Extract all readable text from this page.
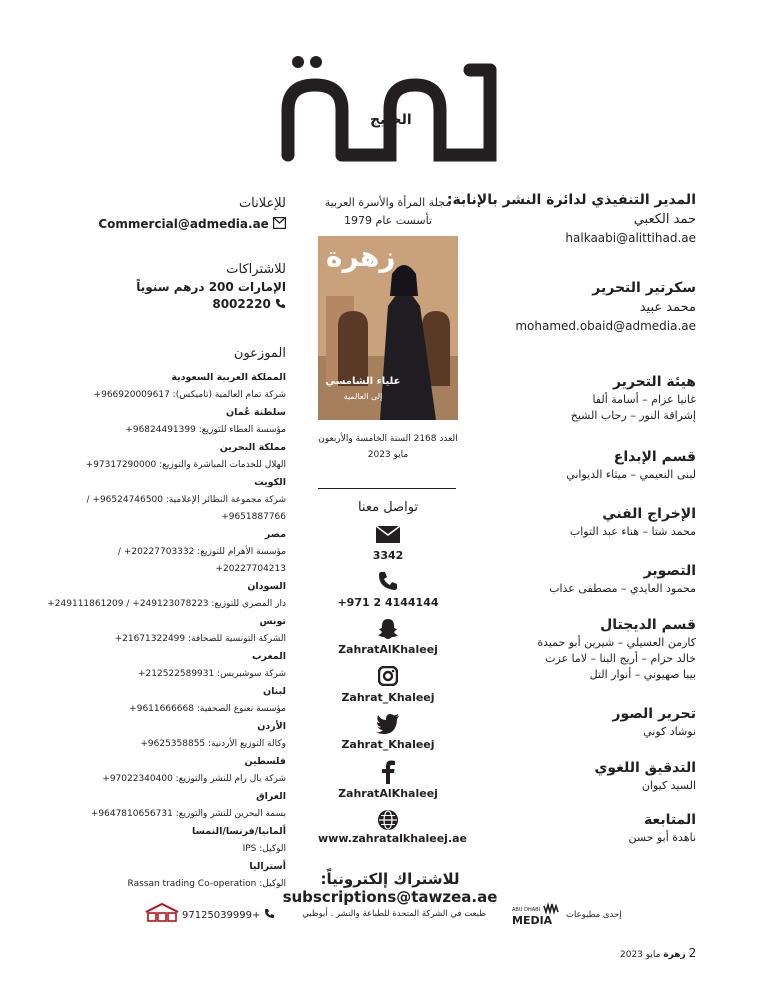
الخليج
المدير التنفيذي لدائرة النشر بالإنابة:
حمد الكعبي
halkaabi@alittihad.ae
سكرتير التحرير
محمد عبيد
mohamed.obaid@admedia.ae
هيئة التحرير
غانيا عزام – أسامة ألفا
إشراقة النور – رحاب الشيخ
قسم الإبداع
لبنى النعيمي – ميثاء الديواني
الإخراج الفني
محمد شتا – هناء عبد التواب
التصوير
محمود العايدي – مصطفى عذاب
قسم الديجتال
كارمن العسيلي – شيرين أبو حميدة
خالد حزام – أريج البنا – لاما عزت
بيبا صهيوني – أنوار التل
تحرير الصور
نوشاد كوني
التدقيق اللغوي
السيد كيوان
المتابعة
ناهدة أبو حسن
مجلة المرأة والأسرة العربية
تأسست عام 1979
زهرة
علياء الشامسي
إلى العالمية
العدد 2168 السنة الخامسة والأربعون
مايو 2023
تواصل معنا
3342
+971 2 4144144
ZahratAlKhaleej
Zahrat_Khaleej
Zahrat_Khaleej
ZahratAlKhaleej
www.zahratalkhaleej.ae
للإعلانات
Commercial@admedia.ae
للاشتراكات
الإمارات 200 درهم سنوياً
8002220
الموزعون
المملكة العربية السعودية
شركة تمام العالمية (تاميكس): 966920009617+
سلطنة عُمان
مؤسسة العطاء للتوزيع: 96824491399+
مملكة البحرين
الهلال للخدمات المباشرة والتوزيع: 97317290000+
الكويت
شركة مجموعة النظائر الإعلامية: 96524746500+ / 9651887766+
مصر
مؤسسة الأهرام للتوزيع: 20227703332+ / 20227704213+
السودان
دار المصري للتوزيع: 249123078223+ / 249111861209+
تونس
الشركة التونسية للصحافة: 21671322499+
المغرب
شركة سوشبريس: 212522589931+
لبنان
مؤسسة نعنوع الصحفية: 9611666668+
الأردن
وكالة التوزيع الأردنية: 9625358855+
فلسطين
شركة بال رام للنشر والتوزيع: 97022340400+
العراق
بسمة البحرين للنشر والتوزيع: 9647810656731+
ألمانيا/فرنسا/النمسا
الوكيل: IPS
أستراليا
الوكيل: Rassan trading Co-operation	للاشتراك إلكترونياً: subscriptions@tawzea.ae
97125039999+	طبعت في الشركة المتحدة للطباعة والنشر . أبوظبي MEDIA
ABU DHABI	إحدى مطبوعات
2 زهرة مايو 2023
